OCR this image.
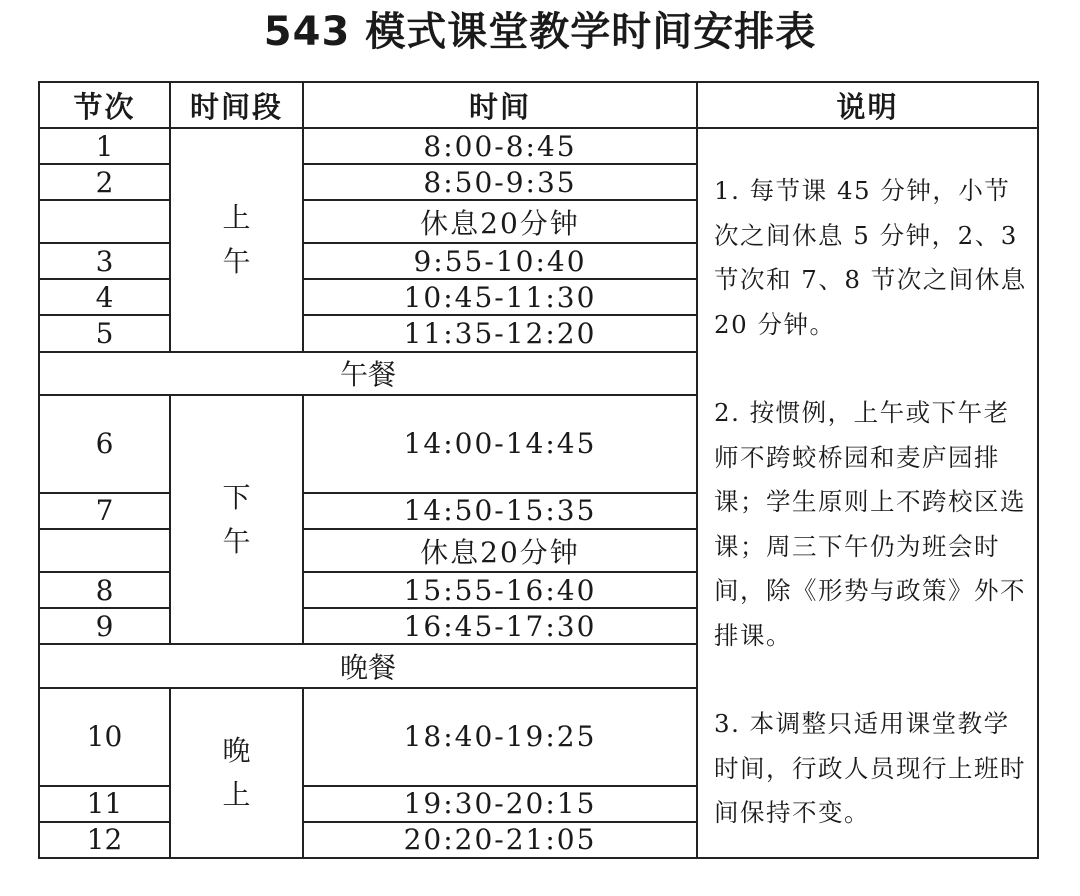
543 模式课堂教学时间安排表
节次	时间段	时间	说明
1	上午	8:00-8:45	1. 每节课 45 分钟，小节次之间休息 5 分钟，2、3 节次和 7、8 节次之间休息 20 分钟。

2. 按惯例，上午或下午老师不跨蛟桥园和麦庐园排课；学生原则上不跨校区选课；周三下午仍为班会时间，除《形势与政策》外不排课。

3. 本调整只适用课堂教学时间，行政人员现行上班时间保持不变。

2		8:50-9:35	
		休息20分钟	
3		9:55-10:40	
4		10:45-11:30	
5		11:35-12:20	
午餐			
6	下午	14:00-14:45	
7		14:50-15:35	
		休息20分钟	
8		15:55-16:40	
9		16:45-17:30	
晚餐			
10	晚上	18:40-19:25	
11		19:30-20:15	
12		20:20-21:05	
